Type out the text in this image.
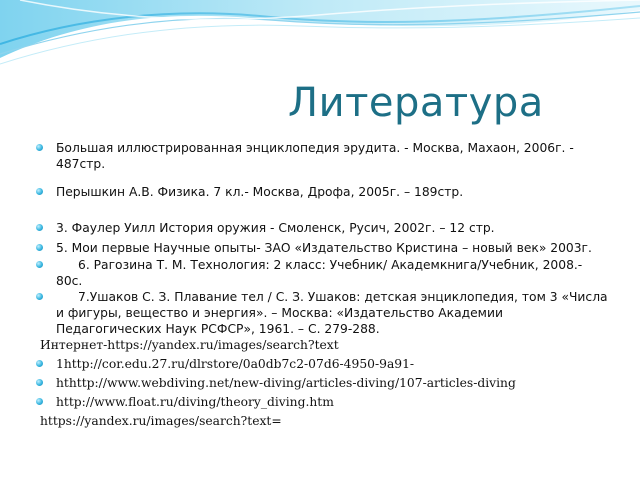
Литература
Большая иллюстрированная энциклопедия эрудита. - Москва, Махаон, 2006г. - 487стр.
Перышкин А.В. Физика. 7 кл.- Москва, Дрофа, 2005г. – 189стр.
3. Фаулер Уилл История оружия - Смоленск, Русич, 2002г. – 12 стр.
5. Мои первые Научные опыты- ЗАО «Издательство Кристина – новый век» 2003г.
6. Рагозина Т. М. Технология: 2 класс: Учебник/ Академкнига/Учебник, 2008.- 80с.
7.Ушаков С. З. Плавание тел / С. З. Ушаков: детская энциклопедия, том 3 «Числа и фигуры, вещество и энергия». – Москва: «Издательство Академии Педагогических Наук РСФСР», 1961. – С. 279-288.
Интернет-https://yandex.ru/images/search?text
1http://cor.edu.27.ru/dlrstore/0a0db7c2-07d6-4950-9a91-
hthttp://www.webdiving.net/new-diving/articles-diving/107-articles-diving
http://www.float.ru/diving/theory_diving.htm
https://yandex.ru/images/search?text=
